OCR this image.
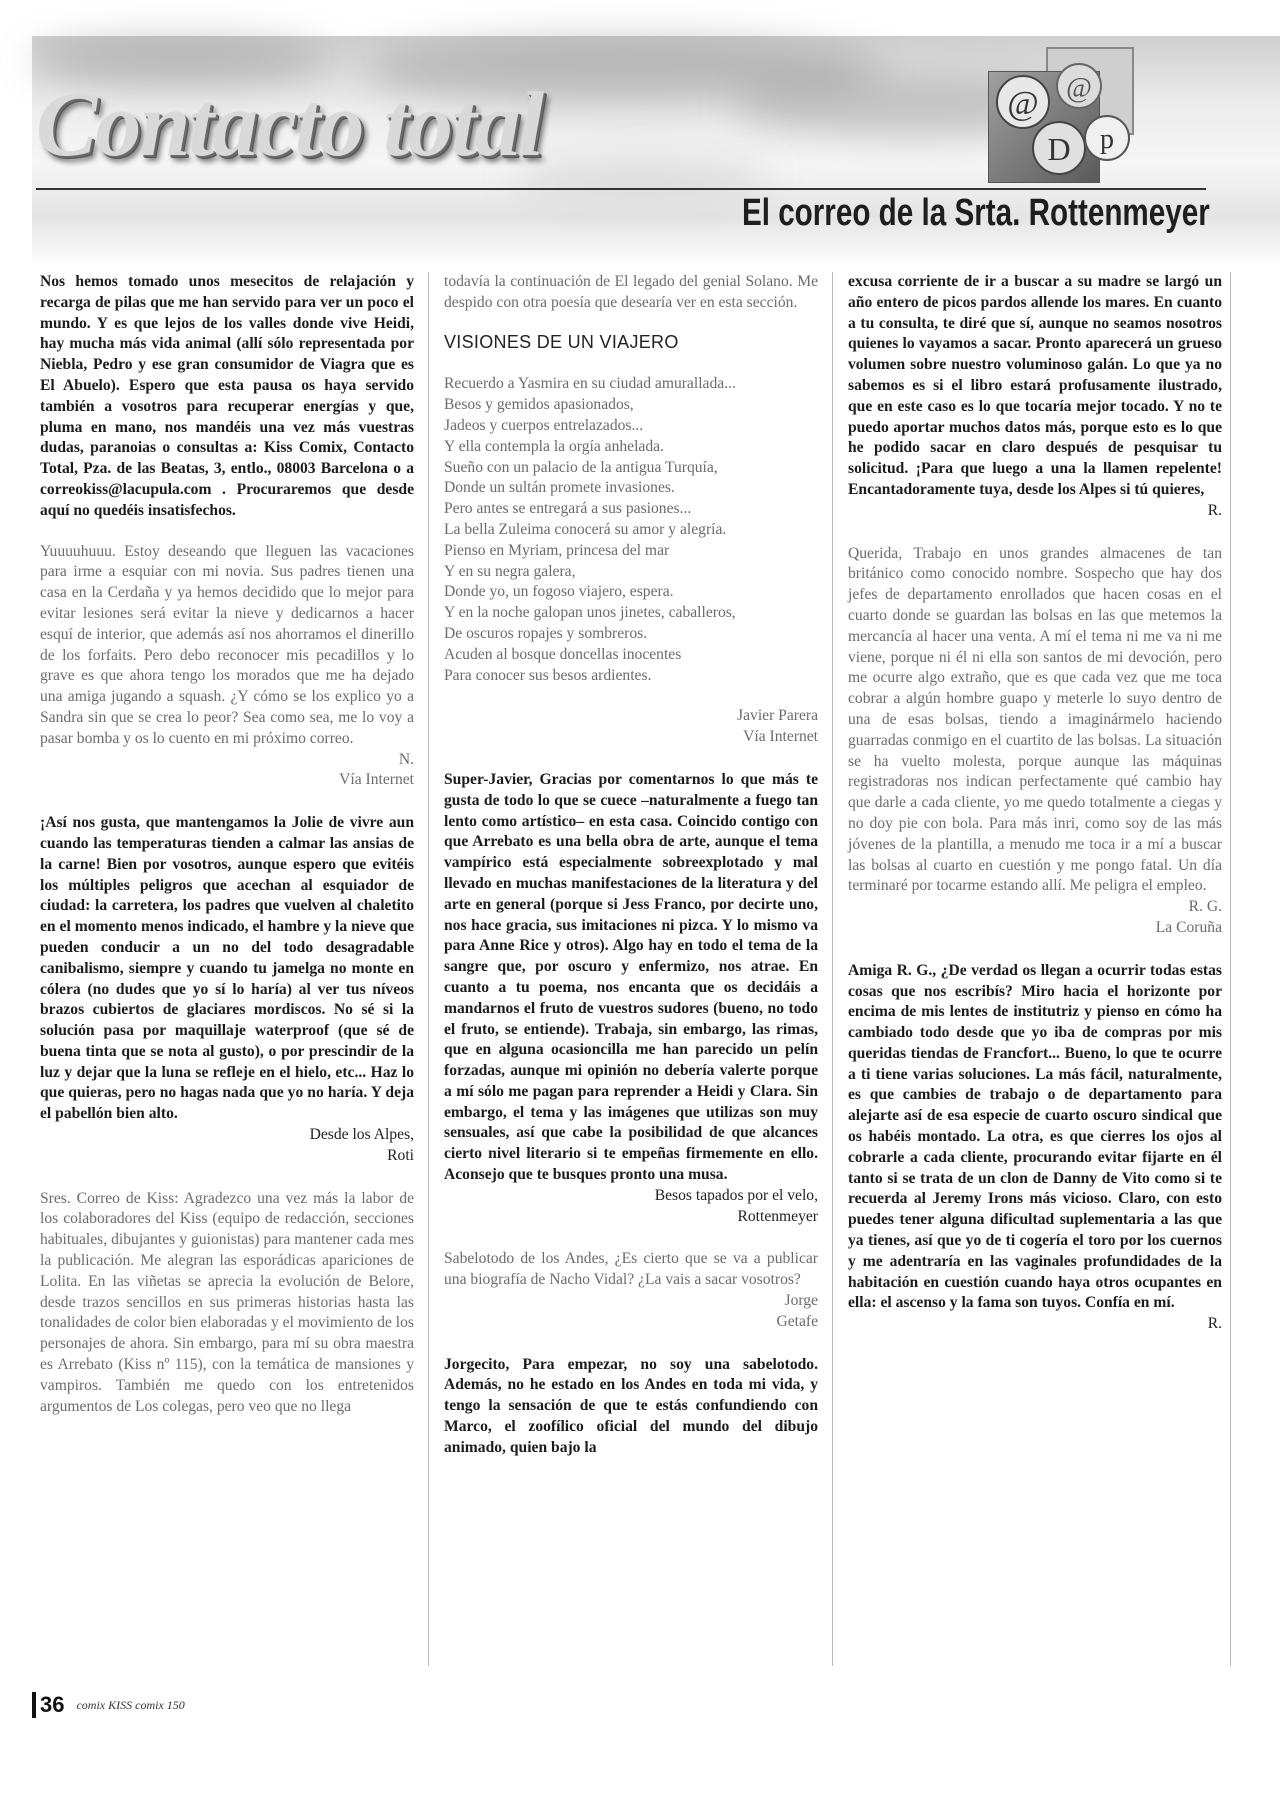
Contacto total	@ @
D p
El correo de la Srta. Rottenmeyer

Nos hemos tomado unos mesecitos de relajación y recarga de pilas que me han servido para ver un poco el mundo. Y es que lejos de los valles donde vive Heidi, hay mucha más vida animal (allí sólo representada por Niebla, Pedro y ese gran consumidor de Viagra que es El Abuelo). Espero que esta pausa os haya servido también a vosotros para recuperar energías y que, pluma en mano, nos mandéis una vez más vuestras dudas, paranoias o consultas a: Kiss Comix, Contacto Total, Pza. de las Beatas, 3, entlo., 08003 Barcelona o a correokiss@lacupula.com . Procuraremos que desde aquí no quedéis insatisfechos.

Yuuuuhuuu. Estoy deseando que lleguen las vacaciones para irme a esquiar con mi novia. Sus padres tienen una casa en la Cerdaña y ya hemos decidido que lo mejor para evitar lesiones será evitar la nieve y dedicarnos a hacer esquí de interior, que además así nos ahorramos el dinerillo de los forfaits. Pero debo reconocer mis pecadillos y lo grave es que ahora tengo los morados que me ha dejado una amiga jugando a squash. ¿Y cómo se los explico yo a Sandra sin que se crea lo peor? Sea como sea, me lo voy a pasar bomba y os lo cuento en mi próximo correo.

N.
Vía Internet

¡Así nos gusta, que mantengamos la Jolie de vivre aun cuando las temperaturas tienden a calmar las ansias de la carne! Bien por vosotros, aunque espero que evitéis los múltiples peligros que acechan al esquiador de ciudad: la carretera, los padres que vuelven al chaletito en el momento menos indicado, el hambre y la nieve que pueden conducir a un no del todo desagradable canibalismo, siempre y cuando tu jamelga no monte en cólera (no dudes que yo sí lo haría) al ver tus níveos brazos cubiertos de glaciares mordiscos. No sé si la solución pasa por maquillaje waterproof (que sé de buena tinta que se nota al gusto), o por prescindir de la luz y dejar que la luna se refleje en el hielo, etc... Haz lo que quieras, pero no hagas nada que yo no haría. Y deja el pabellón bien alto.

Desde los Alpes,
Roti

Sres. Correo de Kiss: Agradezco una vez más la labor de los colaboradores del Kiss (equipo de redacción, secciones habituales, dibujantes y guionistas) para mantener cada mes la publicación. Me alegran las esporádicas apariciones de Lolita. En las viñetas se aprecia la evolución de Belore, desde trazos sencillos en sus primeras historias hasta las tonalidades de color bien elaboradas y el movimiento de los personajes de ahora. Sin embargo, para mí su obra maestra es Arrebato (Kiss nº 115), con la temática de mansiones y vampiros. También me quedo con los entretenidos argumentos de Los colegas, pero veo que no llega

todavía la continuación de El legado del genial Solano. Me despido con otra poesía que desearía ver en esta sección.

VISIONES DE UN VIAJERO
Recuerdo a Yasmira en su ciudad amurallada...
Besos y gemidos apasionados,
Jadeos y cuerpos entrelazados...
Y ella contempla la orgía anhelada.
Sueño con un palacio de la antigua Turquía,
Donde un sultán promete invasiones.
Pero antes se entregará a sus pasiones...
La bella Zuleima conocerá su amor y alegría.
Pienso en Myriam, princesa del mar
Y en su negra galera,
Donde yo, un fogoso viajero, espera.
Y en la noche galopan unos jinetes, caballeros,
De oscuros ropajes y sombreros.
Acuden al bosque doncellas inocentes
Para conocer sus besos ardientes.
Javier Parera
Vía Internet

Super-Javier, Gracias por comentarnos lo que más te gusta de todo lo que se cuece –naturalmente a fuego tan lento como artístico– en esta casa. Coincido contigo con que Arrebato es una bella obra de arte, aunque el tema vampírico está especialmente sobreexplotado y mal llevado en muchas manifestaciones de la literatura y del arte en general (porque si Jess Franco, por decirte uno, nos hace gracia, sus imitaciones ni pizca. Y lo mismo va para Anne Rice y otros). Algo hay en todo el tema de la sangre que, por oscuro y enfermizo, nos atrae. En cuanto a tu poema, nos encanta que os decidáis a mandarnos el fruto de vuestros sudores (bueno, no todo el fruto, se entiende). Trabaja, sin embargo, las rimas, que en alguna ocasioncilla me han parecido un pelín forzadas, aunque mi opinión no debería valerte porque a mí sólo me pagan para reprender a Heidi y Clara. Sin embargo, el tema y las imágenes que utilizas son muy sensuales, así que cabe la posibilidad de que alcances cierto nivel literario si te empeñas firmemente en ello. Aconsejo que te busques pronto una musa.

Besos tapados por el velo,
Rottenmeyer

Sabelotodo de los Andes, ¿Es cierto que se va a publicar una biografía de Nacho Vidal? ¿La vais a sacar vosotros?

Jorge
Getafe

Jorgecito, Para empezar, no soy una sabelotodo. Además, no he estado en los Andes en toda mi vida, y tengo la sensación de que te estás confundiendo con Marco, el zoofílico oficial del mundo del dibujo animado, quien bajo la

excusa corriente de ir a buscar a su madre se largó un año entero de picos pardos allende los mares. En cuanto a tu consulta, te diré que sí, aunque no seamos nosotros quienes lo vayamos a sacar. Pronto aparecerá un grueso volumen sobre nuestro voluminoso galán. Lo que ya no sabemos es si el libro estará profusamente ilustrado, que en este caso es lo que tocaría mejor tocado. Y no te puedo aportar muchos datos más, porque esto es lo que he podido sacar en claro después de pesquisar tu solicitud. ¡Para que luego a una la llamen repelente! Encantadoramente tuya, desde los Alpes si tú quieres,

R.

Querida, Trabajo en unos grandes almacenes de tan británico como conocido nombre. Sospecho que hay dos jefes de departamento enrollados que hacen cosas en el cuarto donde se guardan las bolsas en las que metemos la mercancía al hacer una venta. A mí el tema ni me va ni me viene, porque ni él ni ella son santos de mi devoción, pero me ocurre algo extraño, que es que cada vez que me toca cobrar a algún hombre guapo y meterle lo suyo dentro de una de esas bolsas, tiendo a imaginármelo haciendo guarradas conmigo en el cuartito de las bolsas. La situación se ha vuelto molesta, porque aunque las máquinas registradoras nos indican perfectamente qué cambio hay que darle a cada cliente, yo me quedo totalmente a ciegas y no doy pie con bola. Para más inri, como soy de las más jóvenes de la plantilla, a menudo me toca ir a mí a buscar las bolsas al cuarto en cuestión y me pongo fatal. Un día terminaré por tocarme estando allí. Me peligra el empleo.

R. G.
La Coruña

Amiga R. G., ¿De verdad os llegan a ocurrir todas estas cosas que nos escribís? Miro hacia el horizonte por encima de mis lentes de institutriz y pienso en cómo ha cambiado todo desde que yo iba de compras por mis queridas tiendas de Francfort... Bueno, lo que te ocurre a ti tiene varias soluciones. La más fácil, naturalmente, es que cambies de trabajo o de departamento para alejarte así de esa especie de cuarto oscuro sindical que os habéis montado. La otra, es que cierres los ojos al cobrarle a cada cliente, procurando evitar fijarte en él tanto si se trata de un clon de Danny de Vito como si te recuerda al Jeremy Irons más vicioso. Claro, con esto puedes tener alguna dificultad suplementaria a las que ya tienes, así que yo de ti cogería el toro por los cuernos y me adentraría en las vaginales profundidades de la habitación en cuestión cuando haya otros ocupantes en ella: el ascenso y la fama son tuyos. Confía en mí.

R.
36 comix KISS comix 150
